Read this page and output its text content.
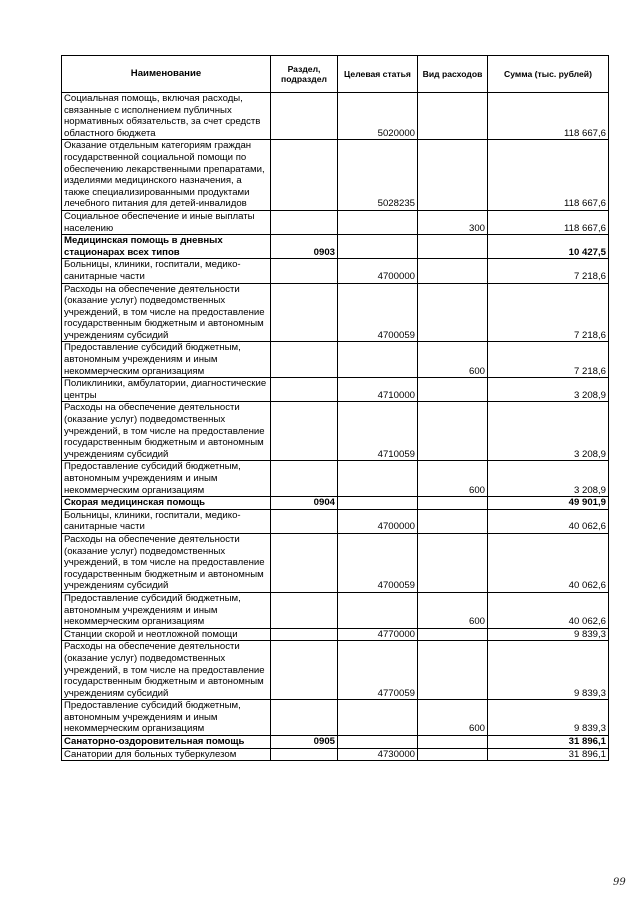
Наименование	Раздел, подраздел	Целевая статья	Вид расходов	Сумма (тыс. рублей)
Социальная помощь, включая расходы, связанные с исполнением публичных нормативных обязательств, за счет средств областного бюджета		5020000		118 667,6
Оказание отдельным категориям граждан государственной социальной помощи по обеспечению лекарственными препаратами, изделиями медицинского назначения, а также специализированными продуктами лечебного питания для детей-инвалидов		5028235		118 667,6
Социальное обеспечение и иные выплаты населению			300	118 667,6
Медицинская помощь в дневных стационарах всех типов	0903			10 427,5
Больницы, клиники, госпитали, медико-санитарные части		4700000		7 218,6
Расходы на обеспечение деятельности (оказание услуг) подведомственных учреждений, в том числе на предоставление государственным бюджетным и автономным учреждениям субсидий		4700059		7 218,6
Предоставление субсидий бюджетным, автономным учреждениям и иным некоммерческим организациям			600	7 218,6
Поликлиники, амбулатории, диагностические центры		4710000		3 208,9
Расходы на обеспечение деятельности (оказание услуг) подведомственных учреждений, в том числе на предоставление государственным бюджетным и автономным учреждениям субсидий		4710059		3 208,9
Предоставление субсидий бюджетным, автономным учреждениям и иным некоммерческим организациям			600	3 208,9
Скорая медицинская помощь	0904			49 901,9
Больницы, клиники, госпитали, медико-санитарные части		4700000		40 062,6
Расходы на обеспечение деятельности (оказание услуг) подведомственных учреждений, в том числе на предоставление государственным бюджетным и автономным учреждениям субсидий		4700059		40 062,6
Предоставление субсидий бюджетным, автономным учреждениям и иным некоммерческим организациям			600	40 062,6
Станции скорой и неотложной помощи		4770000		9 839,3
Расходы на обеспечение деятельности (оказание услуг) подведомственных учреждений, в том числе на предоставление государственным бюджетным и автономным учреждениям субсидий		4770059		9 839,3
Предоставление субсидий бюджетным, автономным учреждениям и иным некоммерческим организациям			600	9 839,3
Санаторно-оздоровительная помощь	0905			31 896,1
Санатории для больных туберкулезом		4730000		31 896,1
99
